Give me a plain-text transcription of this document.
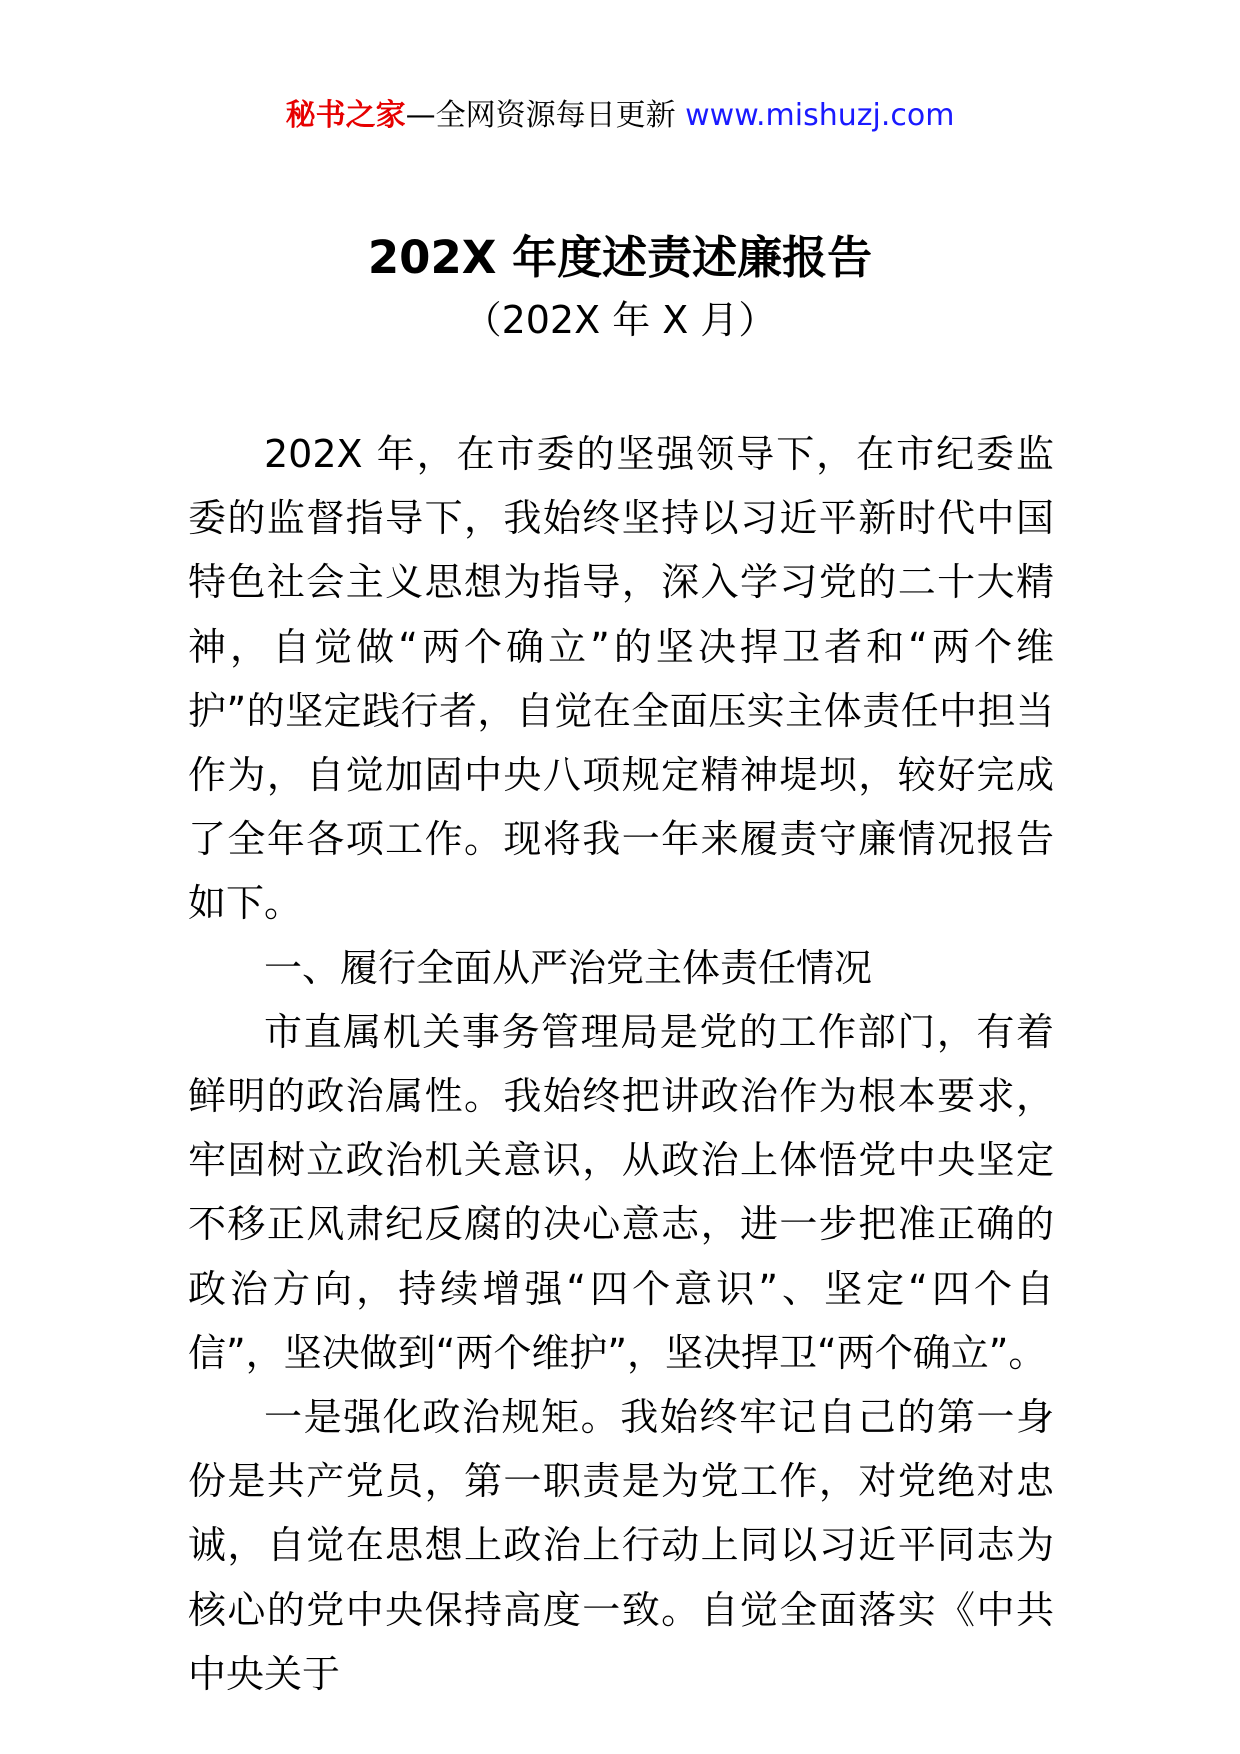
秘书之家—全网资源每日更新 www.mishuzj.com
202X 年度述责述廉报告
（202X 年 X 月）

202X 年，在市委的坚强领导下，在市纪委监委的监督指导下，我始终坚持以习近平新时代中国特色社会主义思想为指导，深入学习党的二十大精神，自觉做“两个确立”的坚决捍卫者和“两个维护”的坚定践行者，自觉在全面压实主体责任中担当作为，自觉加固中央八项规定精神堤坝，较好完成了全年各项工作。现将我一年来履责守廉情况报告如下。

一、履行全面从严治党主体责任情况

市直属机关事务管理局是党的工作部门，有着鲜明的政治属性。我始终把讲政治作为根本要求，牢固树立政治机关意识，从政治上体悟党中央坚定不移正风肃纪反腐的决心意志，进一步把准正确的政治方向，持续增强“四个意识”、坚定“四个自信”，坚决做到“两个维护”，坚决捍卫“两个确立”。

一是强化政治规矩。我始终牢记自己的第一身份是共产党员，第一职责是为党工作，对党绝对忠诚，自觉在思想上政治上行动上同以习近平同志为核心的党中央保持高度一致。自觉全面落实《中共中央关于
